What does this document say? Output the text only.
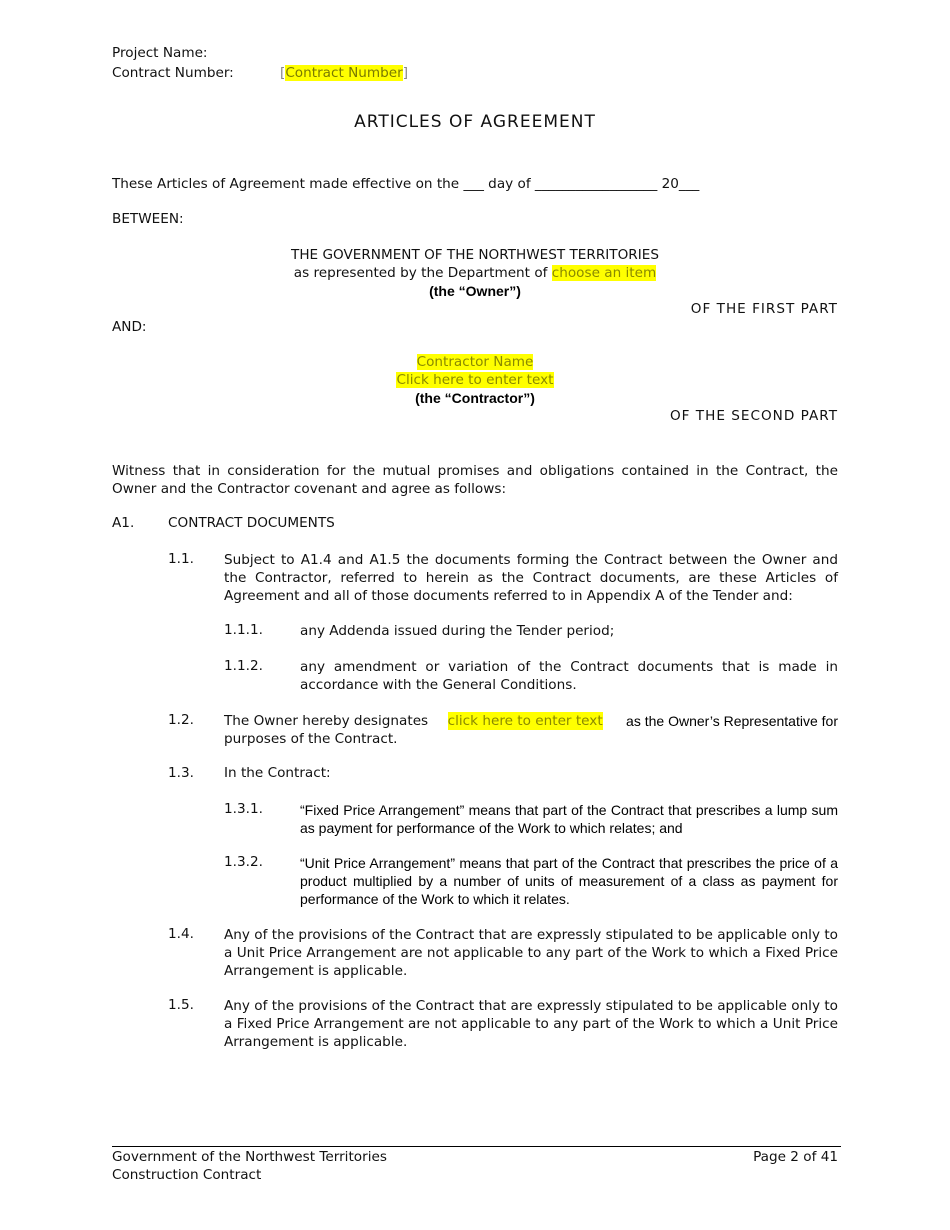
Project Name:
Contract Number:	[Contract Number]
ARTICLES OF AGREEMENT
These Articles of Agreement made effective on the ___ day of __________________ 20___
BETWEEN:
THE GOVERNMENT OF THE NORTHWEST TERRITORIES
as represented by the Department of choose an item
(the “Owner”)
OF THE FIRST PART
AND:
Contractor Name
Click here to enter text
(the “Contractor”)
OF THE SECOND PART
Witness that in consideration for the mutual promises and obligations contained in the Contract, the Owner and the Contractor covenant and agree as follows:
A1. CONTRACT DOCUMENTS
1.1. Subject to A1.4 and A1.5 the documents forming the Contract between the Owner and the Contractor, referred to herein as the Contract documents, are these Articles of Agreement and all of those documents referred to in Appendix A of the Tender and:
1.1.1.	any Addenda issued during the Tender period;
1.1.2.	any amendment or variation of the Contract documents that is made in accordance with the General Conditions.
1.2. The Owner hereby designates click here to enter text as the Owner’s Representative for
purposes of the Contract.
1.3. In the Contract:
1.3.1.	“Fixed Price Arrangement” means that part of the Contract that prescribes a lump sum as payment for performance of the Work to which relates; and
1.3.2.	“Unit Price Arrangement” means that part of the Contract that prescribes the price of a product multiplied by a number of units of measurement of a class as payment for performance of the Work to which it relates.
1.4. Any of the provisions of the Contract that are expressly stipulated to be applicable only to a Unit Price Arrangement are not applicable to any part of the Work to which a Fixed Price Arrangement is applicable.
1.5. Any of the provisions of the Contract that are expressly stipulated to be applicable only to a Fixed Price Arrangement are not applicable to any part of the Work to which a Unit Price Arrangement is applicable.
Government of the Northwest Territories
Construction Contract
Page 2 of 41
